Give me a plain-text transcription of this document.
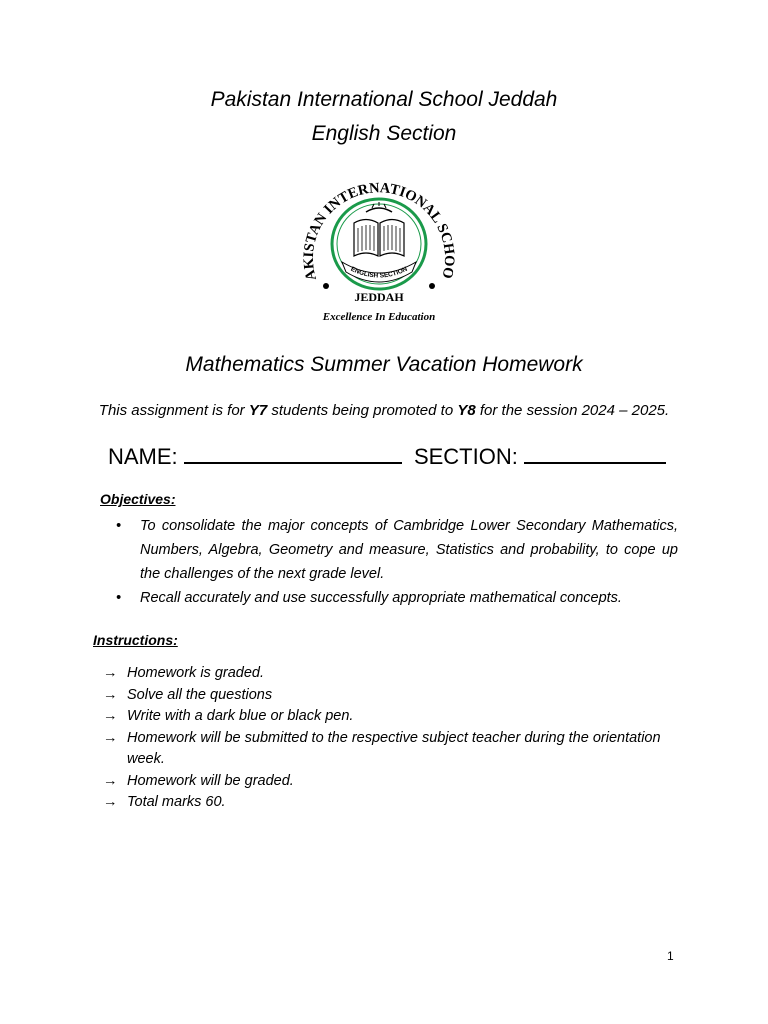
Pakistan International School Jeddah
English Section
AKISTAN INTERNATIONAL SCHOO
ENGLISH SECTION
JEDDAH
Excellence In Education
Mathematics Summer Vacation Homework
This assignment is for Y7 students being promoted to Y8 for the session 2024 – 2025.
NAME:	SECTION:
Objectives:
• To consolidate the major concepts of Cambridge Lower Secondary Mathematics, Numbers, Algebra, Geometry and measure, Statistics and probability, to cope up the challenges of the next grade level.
• Recall accurately and use successfully appropriate mathematical concepts.
Instructions:
→ Homework is graded.
→ Solve all the questions
→ Write with a dark blue or black pen.
→ Homework will be submitted to the respective subject teacher during the orientation week.
→ Homework will be graded.
→ Total marks 60.
1
